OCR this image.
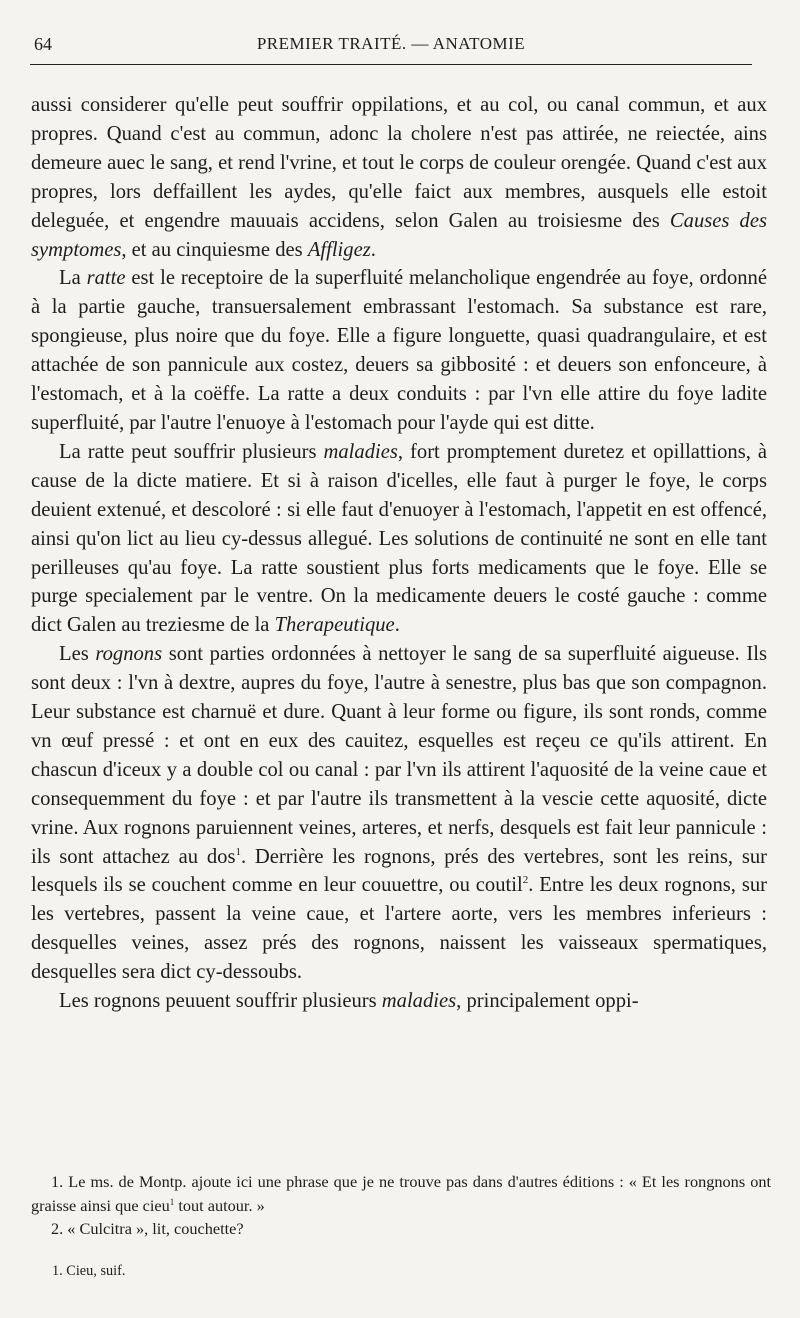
64	PREMIER TRAITÉ. — ANATOMIE

aussi considerer qu'elle peut souffrir oppilations, et au col, ou canal commun, et aux propres. Quand c'est au commun, adonc la cholere n'est pas attirée, ne reiectée, ains demeure auec le sang, et rend l'vrine, et tout le corps de couleur orengée. Quand c'est aux propres, lors deffaillent les aydes, qu'elle faict aux membres, ausquels elle estoit deleguée, et engendre mauuais accidens, selon Galen au troisiesme des Causes des symptomes, et au cinquiesme des Affligez.

La ratte est le receptoire de la superfluité melancholique engendrée au foye, ordonné à la partie gauche, transuersalement embrassant l'estomach. Sa substance est rare, spongieuse, plus noire que du foye. Elle a figure longuette, quasi quadrangulaire, et est attachée de son pannicule aux costez, deuers sa gibbosité : et deuers son enfonceure, à l'estomach, et à la coëffe. La ratte a deux conduits : par l'vn elle attire du foye ladite superfluité, par l'autre l'enuoye à l'estomach pour l'ayde qui est ditte.

La ratte peut souffrir plusieurs maladies, fort promptement duretez et opillattions, à cause de la dicte matiere. Et si à raison d'icelles, elle faut à purger le foye, le corps deuient extenué, et descoloré : si elle faut d'enuoyer à l'estomach, l'appetit en est offencé, ainsi qu'on lict au lieu cy-dessus allegué. Les solutions de continuité ne sont en elle tant perilleuses qu'au foye. La ratte soustient plus forts medicaments que le foye. Elle se purge specialement par le ventre. On la medicamente deuers le costé gauche : comme dict Galen au treziesme de la Therapeutique.

Les rognons sont parties ordonnées à nettoyer le sang de sa superfluité aigueuse. Ils sont deux : l'vn à dextre, aupres du foye, l'autre à senestre, plus bas que son compagnon. Leur substance est charnuë et dure. Quant à leur forme ou figure, ils sont ronds, comme vn œuf pressé : et ont en eux des cauitez, esquelles est reçeu ce qu'ils attirent. En chascun d'iceux y a double col ou canal : par l'vn ils attirent l'aquosité de la veine caue et consequemment du foye : et par l'autre ils transmettent à la vescie cette aquosité, dicte vrine. Aux rognons paruiennent veines, arteres, et nerfs, desquels est fait leur pannicule : ils sont attachez au dos$^1$. Derrière les rognons, prés des vertebres, sont les reins, sur lesquels ils se couchent comme en leur couuettre, ou coutil$^2$. Entre les deux rognons, sur les vertebres, passent la veine caue, et l'artere aorte, vers les membres inferieurs : desquelles veines, assez prés des rognons, naissent les vaisseaux spermatiques, desquelles sera dict cy-dessoubs.

Les rognons peuuent souffrir plusieurs maladies, principalement oppi-

1. Le ms. de Montp. ajoute ici une phrase que je ne trouve pas dans d'autres éditions : « Et les rongnons ont graisse ainsi que cieu$^1$ tout autour. »

2. « Culcitra », lit, couchette?

1. Cieu, suif.
